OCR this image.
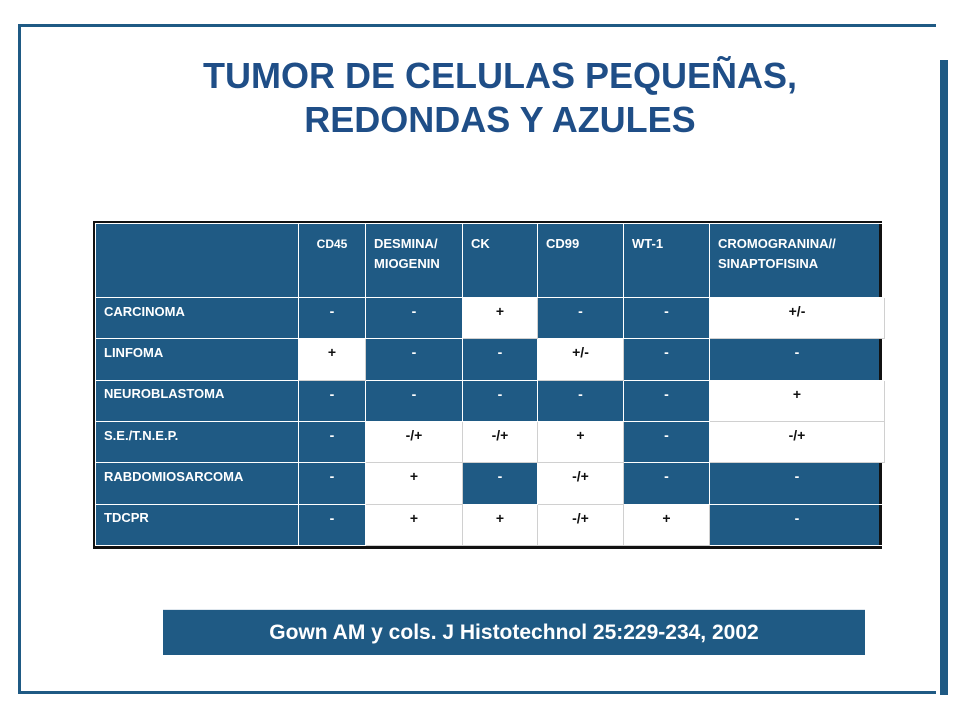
TUMOR DE CELULAS PEQUEÑAS,
REDONDAS Y AZULES
	CD45	DESMINA/ MIOGENIN	CK	CD99	WT-1	CROMOGRANINA// SINAPTOFISINA
CARCINOMA	-	-	+	-	-	+/-
LINFOMA	+	-	-	+/-	-	-
NEUROBLASTOMA	-	-	-	-	-	+
S.E./T.N.E.P.	-	-/+	-/+	+	-	-/+
RABDOMIOSARCOMA	-	+	-	-/+	-	-
TDCPR	-	+	+	-/+	+	-
Gown AM y cols. J Histotechnol 25:229-234, 2002
